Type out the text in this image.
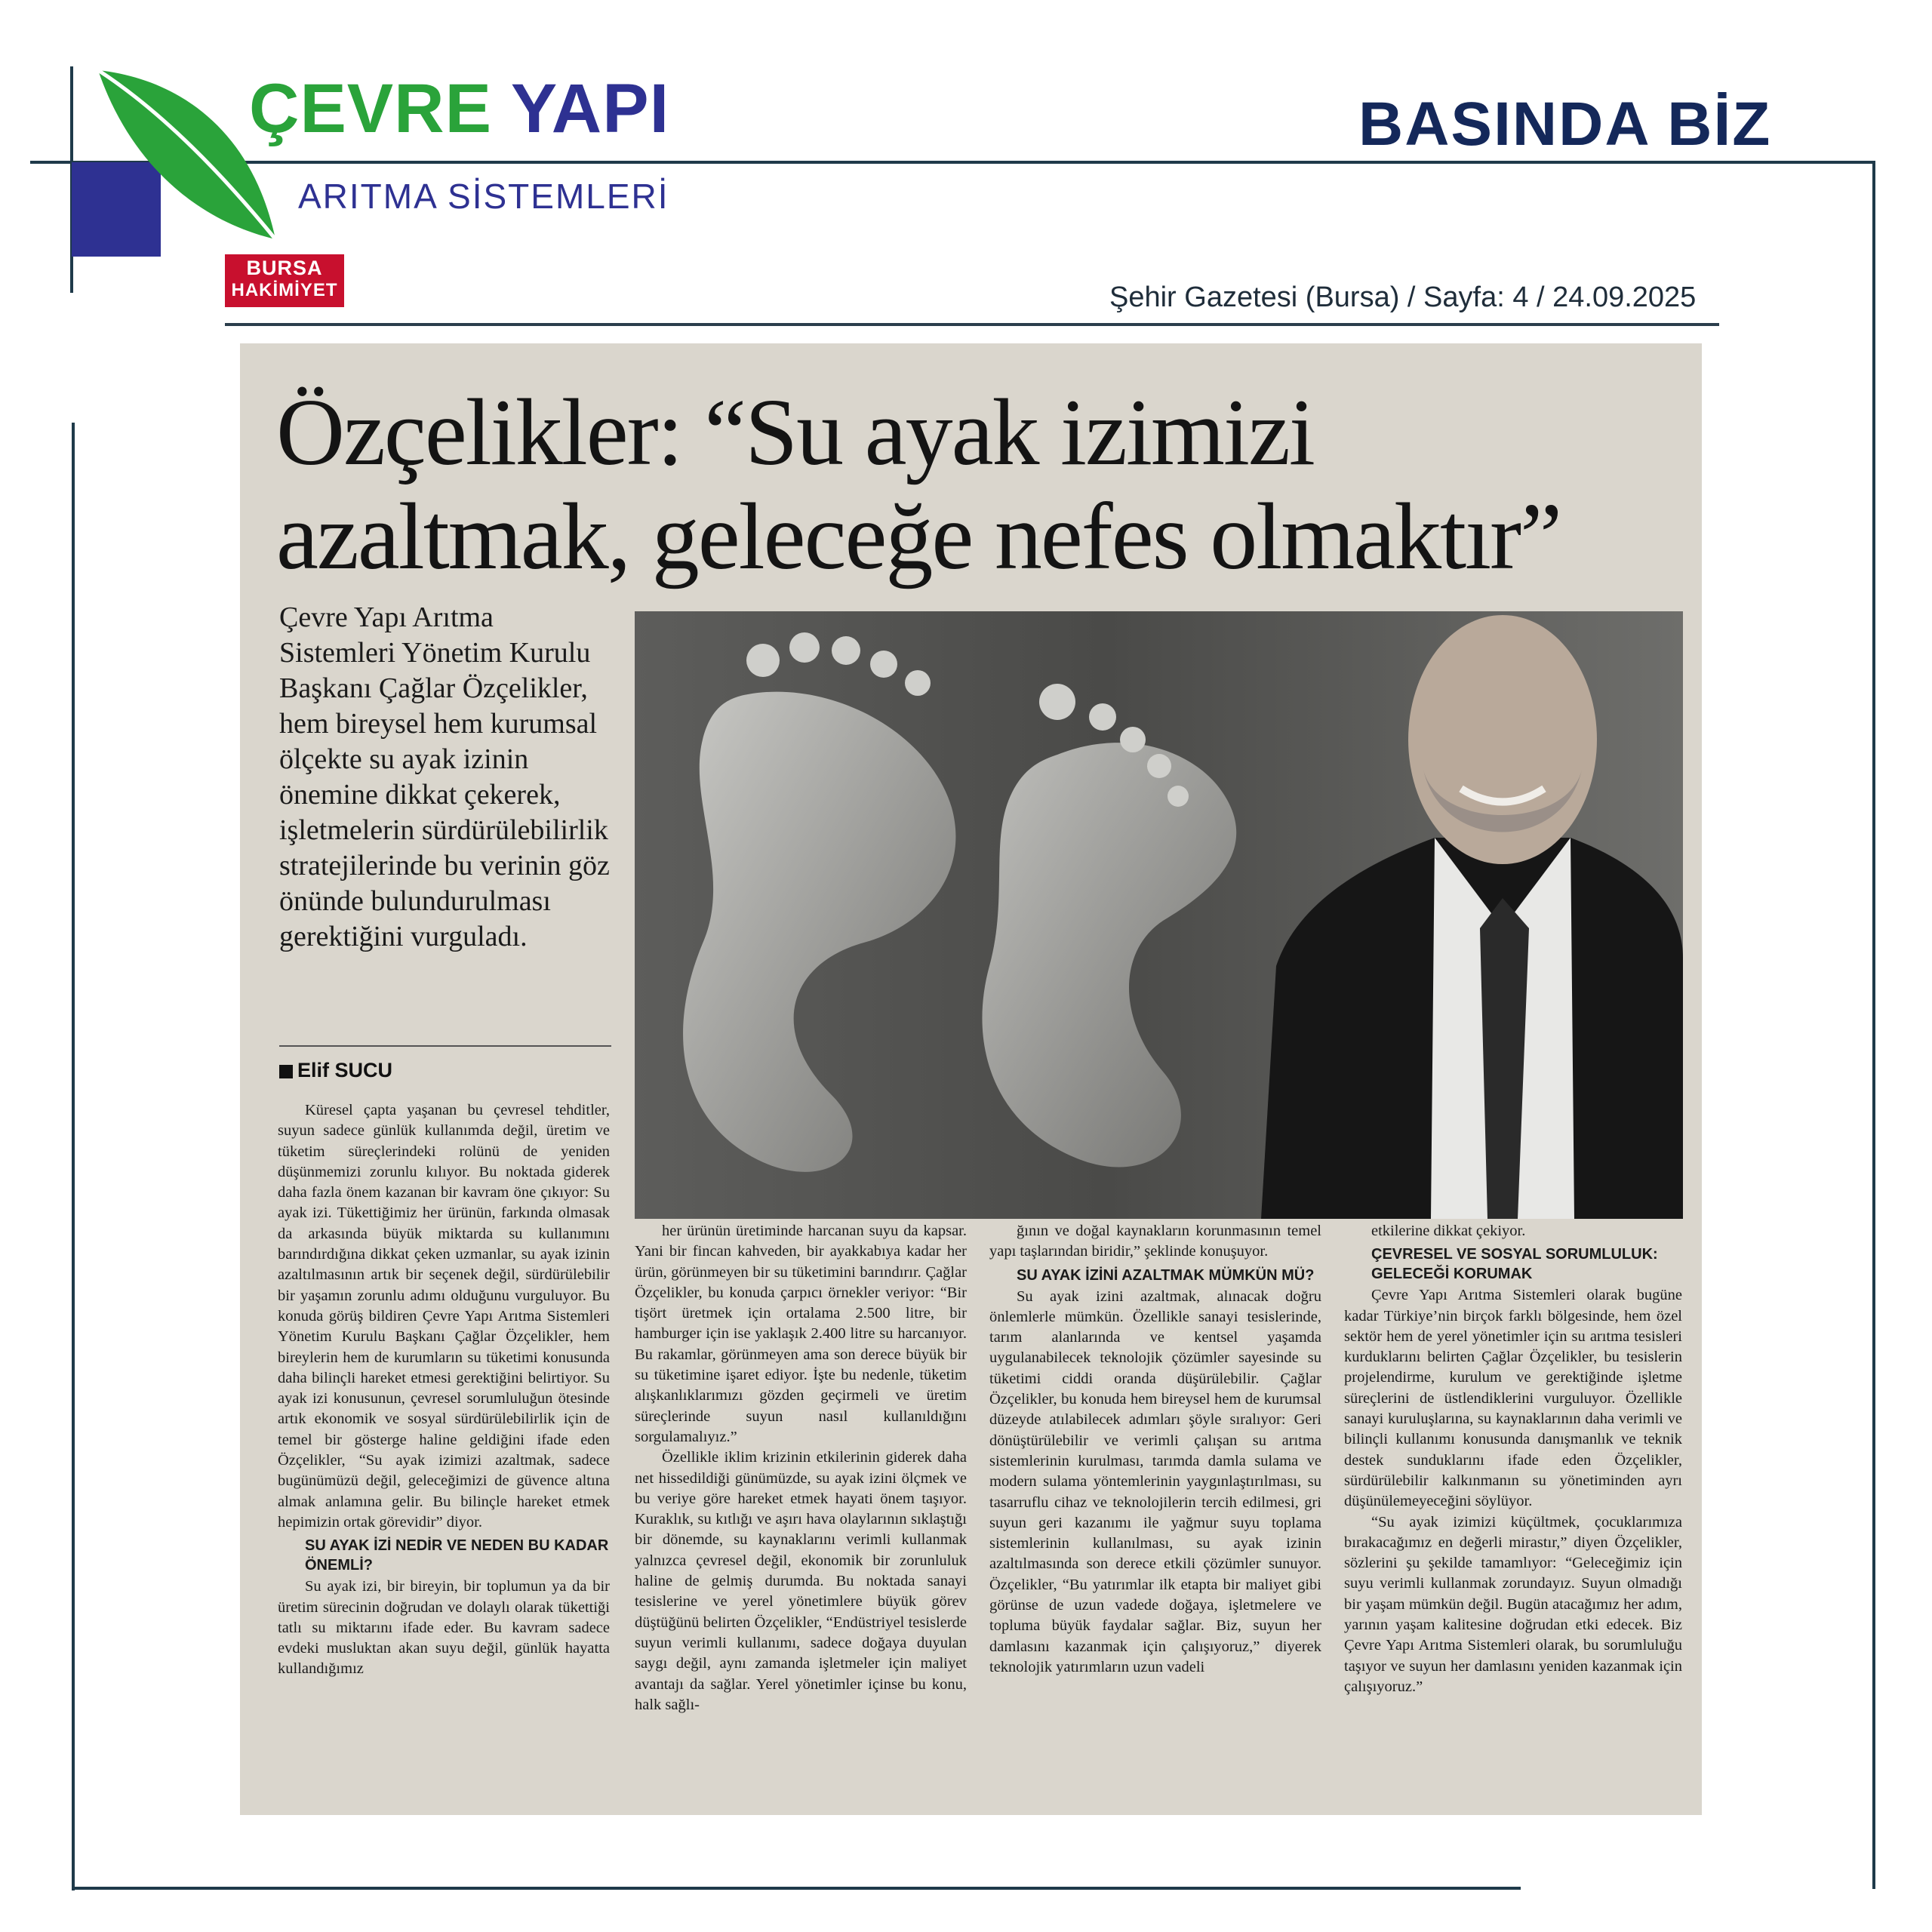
ÇEVRE YAPI
ARITMA SİSTEMLERİ
BASINDA BİZ
BURSA
HAKİMİYET	Şehir Gazetesi (Bursa) / Sayfa: 4 / 24.09.2025
Özçelikler: “Su ayak izimizi
azaltmak, geleceğe nefes olmaktır”
Çevre Yapı Arıtma Sistemleri Yönetim Kurulu Başkanı Çağlar Özçelikler, hem bireysel hem kurumsal ölçekte su ayak izinin önemine dikkat çekerek, işletmelerin sürdürülebilirlik stratejilerinde bu verinin göz önünde bulundurulması gerektiğini vurguladı.
Elif SUCU

Küresel çapta yaşanan bu çevresel tehditler, suyun sadece günlük kullanımda değil, üretim ve tüketim süreçlerindeki rolünü de yeniden düşünmemizi zorunlu kılıyor. Bu noktada giderek daha fazla önem kazanan bir kavram öne çıkıyor: Su ayak izi. Tükettiğimiz her ürünün, farkında olmasak da arkasında büyük miktarda su kullanımını barındırdığına dikkat çeken uzmanlar, su ayak izinin azaltılmasının artık bir seçenek değil, sürdürülebilir bir yaşamın zorunlu adımı olduğunu vurguluyor. Bu konuda görüş bildiren Çevre Yapı Arıtma Sistemleri Yönetim Kurulu Başkanı Çağlar Özçelikler, hem bireylerin hem de kurumların su tüketimi konusunda daha bilinçli hareket etmesi gerektiğini belirtiyor. Su ayak izi konusunun, çevresel sorumluluğun ötesinde artık ekonomik ve sosyal sürdürülebilirlik için de temel bir gösterge haline geldiğini ifade eden Özçelikler, “Su ayak izimizi azaltmak, sadece bugünümüzü değil, geleceğimizi de güvence altına almak anlamına gelir. Bu bilinçle hareket etmek hepimizin ortak görevidir” diyor.

SU AYAK İZİ NEDİR VE NEDEN BU KADAR ÖNEMLİ?

Su ayak izi, bir bireyin, bir toplumun ya da bir üretim sürecinin doğrudan ve dolaylı olarak tükettiği tatlı su miktarını ifade eder. Bu kavram sadece evdeki musluktan akan suyu değil, günlük hayatta kullandığımız

her ürünün üretiminde harcanan suyu da kapsar. Yani bir fincan kahveden, bir ayakkabıya kadar her ürün, görünmeyen bir su tüketimini barındırır. Çağlar Özçelikler, bu konuda çarpıcı örnekler veriyor: “Bir tişört üretmek için ortalama 2.500 litre, bir hamburger için ise yaklaşık 2.400 litre su harcanıyor. Bu rakamlar, görünmeyen ama son derece büyük bir su tüketimine işaret ediyor. İşte bu nedenle, tüketim alışkanlıklarımızı gözden geçirmeli ve üretim süreçlerinde suyun nasıl kullanıldığını sorgulamalıyız.”

Özellikle iklim krizinin etkilerinin giderek daha net hissedildiği günümüzde, su ayak izini ölçmek ve bu veriye göre hareket etmek hayati önem taşıyor. Kuraklık, su kıtlığı ve aşırı hava olaylarının sıklaştığı bir dönemde, su kaynaklarını verimli kullanmak yalnızca çevresel değil, ekonomik bir zorunluluk haline de gelmiş durumda. Bu noktada sanayi tesislerine ve yerel yönetimlere büyük görev düştüğünü belirten Özçelikler, “Endüstriyel tesislerde suyun verimli kullanımı, sadece doğaya duyulan saygı değil, aynı zamanda işletmeler için maliyet avantajı da sağlar. Yerel yönetimler içinse bu konu, halk sağlı-

ğının ve doğal kaynakların korunmasının temel yapı taşlarından biridir,” şeklinde konuşuyor.

SU AYAK İZİNİ AZALTMAK MÜMKÜN MÜ?

Su ayak izini azaltmak, alınacak doğru önlemlerle mümkün. Özellikle sanayi tesislerinde, tarım alanlarında ve kentsel yaşamda uygulanabilecek teknolojik çözümler sayesinde su tüketimi ciddi oranda düşürülebilir. Çağlar Özçelikler, bu konuda hem bireysel hem de kurumsal düzeyde atılabilecek adımları şöyle sıralıyor: Geri dönüştürülebilir ve verimli çalışan su arıtma sistemlerinin kurulması, tarımda damla sulama ve modern sulama yöntemlerinin yaygınlaştırılması, su tasarruflu cihaz ve teknolojilerin tercih edilmesi, gri suyun geri kazanımı ile yağmur suyu toplama sistemlerinin kullanılması, su ayak izinin azaltılmasında son derece etkili çözümler sunuyor. Özçelikler, “Bu yatırımlar ilk etapta bir maliyet gibi görünse de uzun vadede doğaya, işletmelere ve topluma büyük faydalar sağlar. Biz, suyun her damlasını kazanmak için çalışıyoruz,” diyerek teknolojik yatırımların uzun vadeli

etkilerine dikkat çekiyor.

ÇEVRESEL VE SOSYAL SORUMLULUK: GELECEĞİ KORUMAK

Çevre Yapı Arıtma Sistemleri olarak bugüne kadar Türkiye’nin birçok farklı bölgesinde, hem özel sektör hem de yerel yönetimler için su arıtma tesisleri kurduklarını belirten Çağlar Özçelikler, bu tesislerin projelendirme, kurulum ve gerektiğinde işletme süreçlerini de üstlendiklerini vurguluyor. Özellikle sanayi kuruluşlarına, su kaynaklarının daha verimli ve bilinçli kullanımı konusunda danışmanlık ve teknik destek sunduklarını ifade eden Özçelikler, sürdürülebilir kalkınmanın su yönetiminden ayrı düşünülemeyeceğini söylüyor.

“Su ayak izimizi küçültmek, çocuklarımıza bırakacağımız en değerli mirastır,” diyen Özçelikler, sözlerini şu şekilde tamamlıyor: “Geleceğimiz için suyu verimli kullanmak zorundayız. Suyun olmadığı bir yaşam mümkün değil. Bugün atacağımız her adım, yarının yaşam kalitesine doğrudan etki edecek. Biz Çevre Yapı Arıtma Sistemleri olarak, bu sorumluluğu taşıyor ve suyun her damlasını yeniden kazanmak için çalışıyoruz.”
